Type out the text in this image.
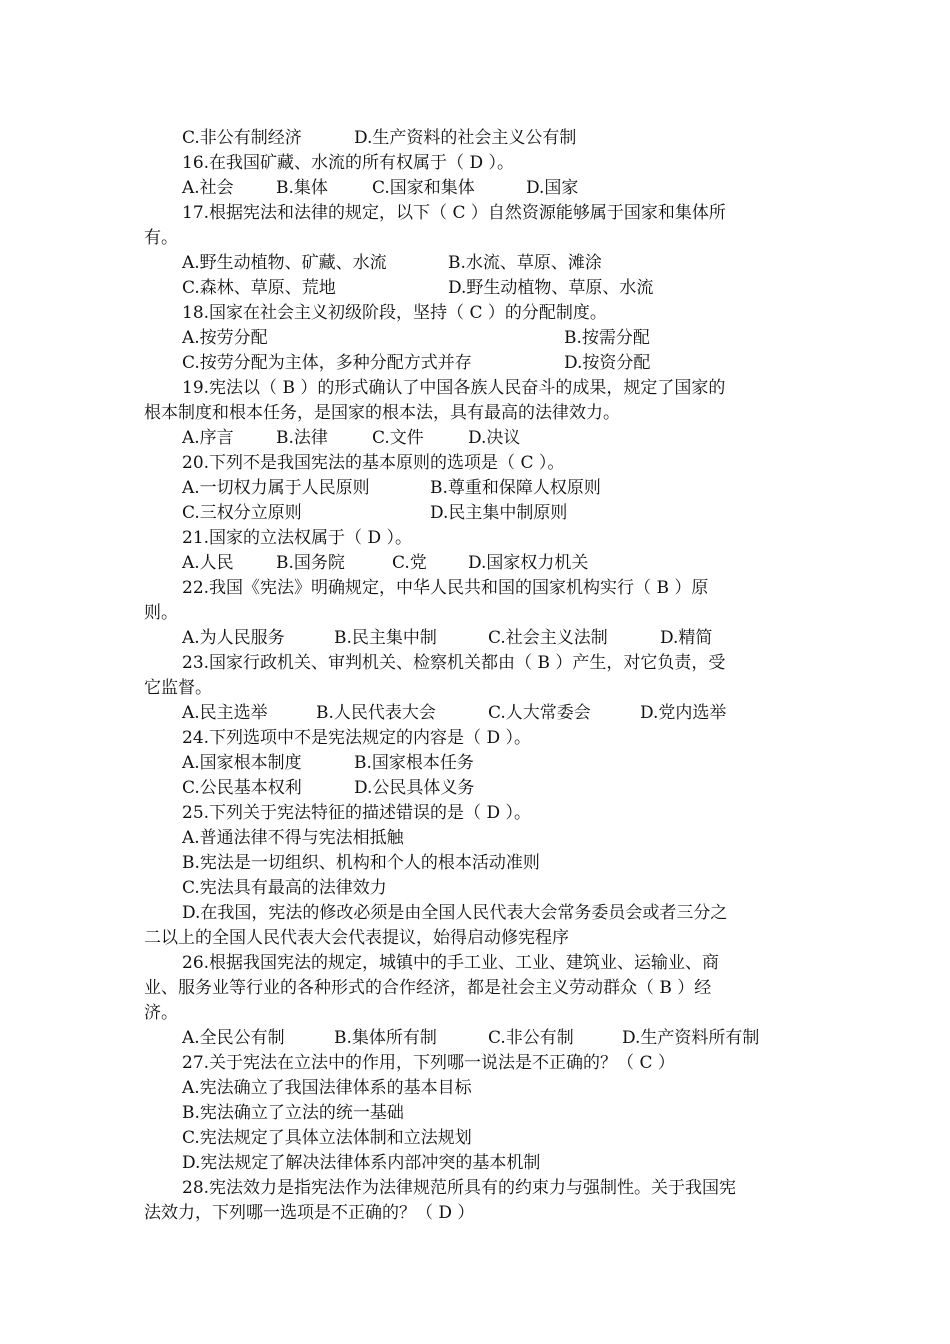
C.非公有制经济

	D.生产资料的社会主义公有制

16.在我国矿藏、水流的所有权属于（ D ）。

A.社会

B.集体

	C.国家和集体

	D.国家

17.根据宪法和法律的规定，以下（ C ）自然资源能够属于国家和集体所
有。

A.野生动植物、矿藏、水流

	B.水流、草原、滩涂

C.森林、草原、荒地

	D.野生动植物、草原、水流

18.国家在社会主义初级阶段，坚持（ C ）的分配制度。

A.按劳分配

	B.按需分配

C.按劳分配为主体，多种分配方式并存

	D.按资分配

19.宪法以（ B ）的形式确认了中国各族人民奋斗的成果，规定了国家的
根本制度和根本任务，是国家的根本法，具有最高的法律效力。

A.序言

B.法律

	C.文件

	D.决议

20.下列不是我国宪法的基本原则的选项是（ C ）。

A.一切权力属于人民原则

	B.尊重和保障人权原则

C.三权分立原则

	D.民主集中制原则

21.国家的立法权属于（ D ）。

A.人民

B.国务院

	C.党

D.国家权力机关

22.我国《宪法》明确规定，中华人民共和国的国家机构实行（ B ）原
则。

A.为人民服务

	B.民主集中制

	C.社会主义法制

	D.精简

23.国家行政机关、审判机关、检察机关都由（ B ）产生，对它负责，受
它监督。

A.民主选举

	B.人民代表大会

	C.人大常委会

	D.党内选举

24.下列选项中不是宪法规定的内容是（ D ）。

A.国家根本制度

	B.国家根本任务

C.公民基本权利

	D.公民具体义务

25.下列关于宪法特征的描述错误的是（ D ）。
A.普通法律不得与宪法相抵触
B.宪法是一切组织、机构和个人的根本活动准则
C.宪法具有最高的法律效力
D.在我国，宪法的修改必须是由全国人民代表大会常务委员会或者三分之
二以上的全国人民代表大会代表提议，始得启动修宪程序
26.根据我国宪法的规定，城镇中的手工业、工业、建筑业、运输业、商
业、服务业等行业的各种形式的合作经济，都是社会主义劳动群众（ B ）经
济。

A.全民公有制

	B.集体所有制

	C.非公有制

	D.生产资料所有制

27.关于宪法在立法中的作用，下列哪一说法是不正确的？（ C ）
A.宪法确立了我国法律体系的基本目标
B.宪法确立了立法的统一基础
C.宪法规定了具体立法体制和立法规划
D.宪法规定了解决法律体系内部冲突的基本机制
28.宪法效力是指宪法作为法律规范所具有的约束力与强制性。关于我国宪
法效力，下列哪一选项是不正确的？（ D ）
